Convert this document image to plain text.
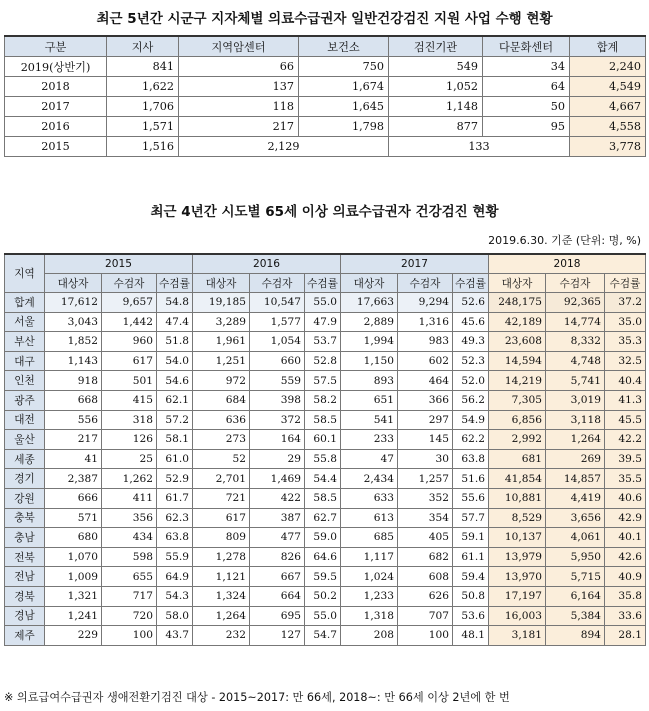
최근 5년간 시군구 지자체별 의료수급권자 일반건강검진 지원 사업 수행 현황
구분	지사	지역암센터	보건소	검진기관	다문화센터	합계
2019(상반기)	841	66	750	549	34	2,240
2018	1,622	137	1,674	1,052	64	4,549
2017	1,706	118	1,645	1,148	50	4,667
2016	1,571	217	1,798	877	95	4,558
2015	1,516	2,129		133		3,778
최근 4년간 시도별 65세 이상 의료수급권자 건강검진 현황
2019.6.30. 기준 (단위: 명, %)
지역	2015			2016			2017			2018		
	대상자	수검자	수검률	대상자	수검자	수검률	대상자	수검자	수검률	대상자	수검자	수검률
합계	17,612	9,657	54.8	19,185	10,547	55.0	17,663	9,294	52.6	248,175	92,365	37.2
서울	3,043	1,442	47.4	3,289	1,577	47.9	2,889	1,316	45.6	42,189	14,774	35.0
부산	1,852	960	51.8	1,961	1,054	53.7	1,994	983	49.3	23,608	8,332	35.3
대구	1,143	617	54.0	1,251	660	52.8	1,150	602	52.3	14,594	4,748	32.5
인천	918	501	54.6	972	559	57.5	893	464	52.0	14,219	5,741	40.4
광주	668	415	62.1	684	398	58.2	651	366	56.2	7,305	3,019	41.3
대전	556	318	57.2	636	372	58.5	541	297	54.9	6,856	3,118	45.5
울산	217	126	58.1	273	164	60.1	233	145	62.2	2,992	1,264	42.2
세종	41	25	61.0	52	29	55.8	47	30	63.8	681	269	39.5
경기	2,387	1,262	52.9	2,701	1,469	54.4	2,434	1,257	51.6	41,854	14,857	35.5
강원	666	411	61.7	721	422	58.5	633	352	55.6	10,881	4,419	40.6
충북	571	356	62.3	617	387	62.7	613	354	57.7	8,529	3,656	42.9
충남	680	434	63.8	809	477	59.0	685	405	59.1	10,137	4,061	40.1
전북	1,070	598	55.9	1,278	826	64.6	1,117	682	61.1	13,979	5,950	42.6
전남	1,009	655	64.9	1,121	667	59.5	1,024	608	59.4	13,970	5,715	40.9
경북	1,321	717	54.3	1,324	664	50.2	1,233	626	50.8	17,197	6,164	35.8
경남	1,241	720	58.0	1,264	695	55.0	1,318	707	53.6	16,003	5,384	33.6
제주	229	100	43.7	232	127	54.7	208	100	48.1	3,181	894	28.1
※ 의료급여수급권자 생애전환기검진 대상 - 2015~2017: 만 66세, 2018~: 만 66세 이상 2년에 한 번
